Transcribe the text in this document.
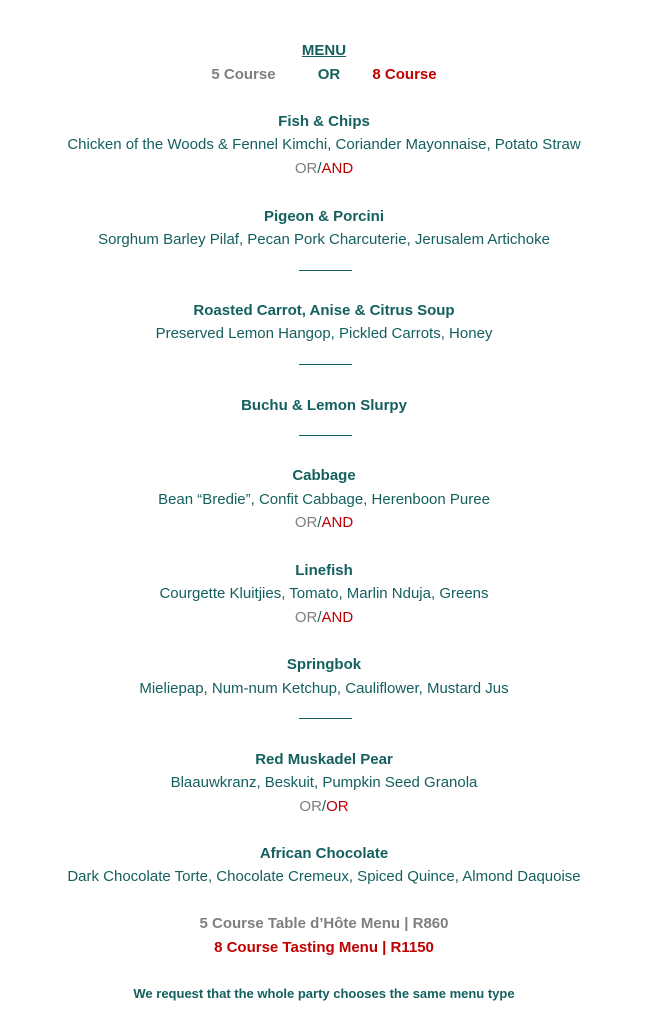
MENU
5 Course	OR 8 Course
Fish & Chips
Chicken of the Woods & Fennel Kimchi, Coriander Mayonnaise, Potato Straw
OR/AND
Pigeon & Porcini
Sorghum Barley Pilaf, Pecan Pork Charcuterie, Jerusalem Artichoke
Roasted Carrot, Anise & Citrus Soup
Preserved Lemon Hangop, Pickled Carrots, Honey
Buchu & Lemon Slurpy
Cabbage
Bean “Bredie”, Confit Cabbage, Herenboon Puree
OR/AND
Linefish
Courgette Kluitjies, Tomato, Marlin Nduja, Greens
OR/AND
Springbok
Mieliepap, Num-num Ketchup, Cauliflower, Mustard Jus
Red Muskadel Pear
Blaauwkranz, Beskuit, Pumpkin Seed Granola
OR/OR
African Chocolate
Dark Chocolate Torte, Chocolate Cremeux, Spiced Quince, Almond Daquoise
5 Course Table d’Hôte Menu | R860
8 Course Tasting Menu | R1150
We request that the whole party chooses the same menu type
